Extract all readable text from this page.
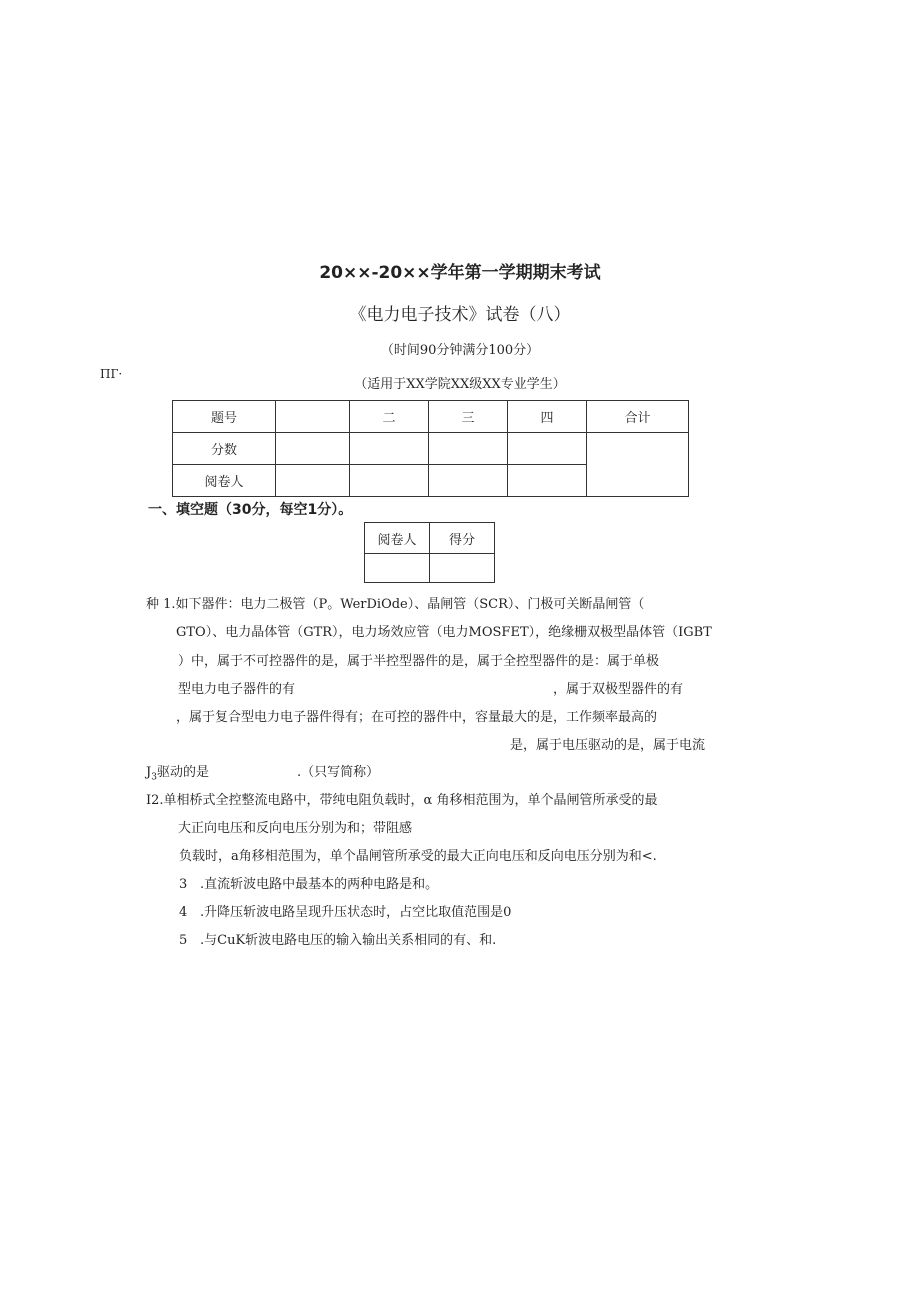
20××-20××学年第一学期期末考试
《电力电子技术》试卷（八）
（时间90分钟满分100分）
ПГ·
（适用于XX学院XX级XX专业学生）
题号		二	三	四	合计
分数					
阅卷人					
一、填空题（30分，每空1分）。
阅卷人	得分

种 1.如下器件：电力二极管（P。WerDiOde）、晶闸管（SCR）、门极可关断晶闸管（
GTO）、电力晶体管（GTR），电力场效应管（电力MOSFET），绝缘栅双极型晶体管（IGBT
）中，属于不可控器件的是，属于半控型器件的是，属于全控型器件的是：属于单极
型电力电子器件的有	，属于双极型器件的有
，属于复合型电力电子器件得有；在可控的器件中，容量最大的是，工作频率最高的
是，属于电压驱动的是，属于电流
$J_3$驱动的是	.（只写简称）
I2.单相桥式全控整流电路中，带纯电阻负载时，α 角移相范围为，单个晶闸管所承受的最
大正向电压和反向电压分别为和；带阻感
负载时，a角移相范围为，单个晶闸管所承受的最大正向电压和反向电压分别为和<.
3 .直流斩波电路中最基本的两种电路是和。
4 .升降压斩波电路呈现升压状态时，占空比取值范围是0
5 .与CuK斩波电路电压的输入输出关系相同的有、和.
